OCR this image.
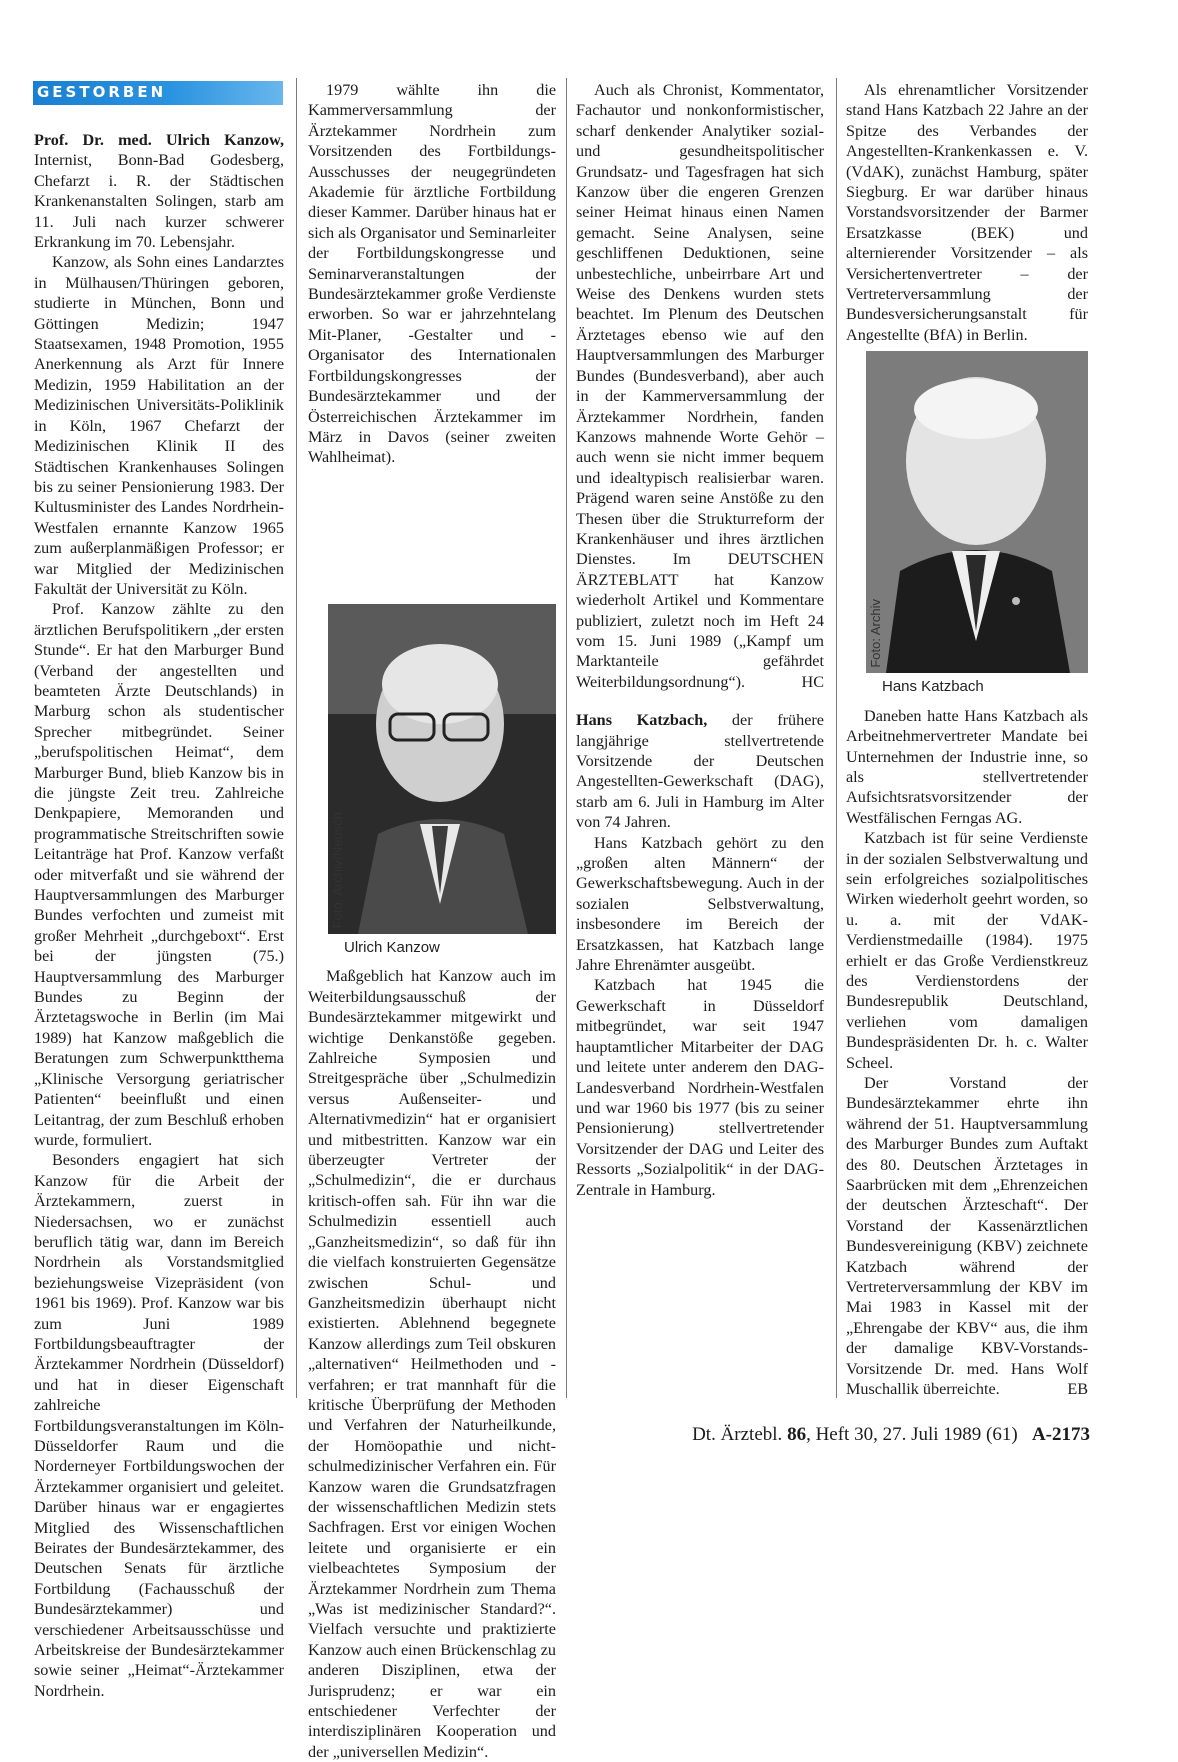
GESTORBEN

Prof. Dr. med. Ulrich Kanzow, Internist, Bonn-Bad Godesberg, Chefarzt i. R. der Städtischen Krankenanstalten Solingen, starb am 11. Juli nach kurzer schwerer Erkrankung im 70. Lebensjahr.

Kanzow, als Sohn eines Landarztes in Mülhausen/Thüringen geboren, studierte in München, Bonn und Göttingen Medizin; 1947 Staatsexamen, 1948 Promotion, 1955 Anerkennung als Arzt für Innere Medizin, 1959 Habilitation an der Medizinischen Universitäts-Poliklinik in Köln, 1967 Chefarzt der Medizinischen Klinik II des Städtischen Krankenhauses Solingen bis zu seiner Pensionierung 1983. Der Kultusminister des Landes Nordrhein-Westfalen ernannte Kanzow 1965 zum außerplanmäßigen Professor; er war Mitglied der Medizinischen Fakultät der Universität zu Köln.

Prof. Kanzow zählte zu den ärztlichen Berufspolitikern „der ersten Stunde“. Er hat den Marburger Bund (Verband der angestellten und beamteten Ärzte Deutschlands) in Marburg schon als studentischer Sprecher mitbegründet. Seiner „berufspolitischen Heimat“, dem Marburger Bund, blieb Kanzow bis in die jüngste Zeit treu. Zahlreiche Denkpapiere, Memoranden und programmatische Streitschriften sowie Leitanträge hat Prof. Kanzow verfaßt oder mitverfaßt und sie während der Hauptversammlungen des Marburger Bundes verfochten und zumeist mit großer Mehrheit „durchgeboxt“. Erst bei der jüngsten (75.) Hauptversammlung des Marburger Bundes zu Beginn der Ärztetagswoche in Berlin (im Mai 1989) hat Kanzow maßgeblich die Beratungen zum Schwerpunktthema „Klinische Versorgung geriatrischer Patienten“ beeinflußt und einen Leitantrag, der zum Beschluß erhoben wurde, formuliert.

Besonders engagiert hat sich Kanzow für die Arbeit der Ärztekammern, zuerst in Niedersachsen, wo er zunächst beruflich tätig war, dann im Bereich Nordrhein als Vorstandsmitglied beziehungsweise Vizepräsident (von 1961 bis 1969). Prof. Kanzow war bis zum Juni 1989 Fortbildungsbeauftragter der Ärztekammer Nordrhein (Düsseldorf) und hat in dieser Eigenschaft zahlreiche Fortbildungsveranstaltungen im Köln-Düsseldorfer Raum und die Norderneyer Fortbildungswochen der Ärztekammer organisiert und geleitet. Darüber hinaus war er engagiertes Mitglied des Wissenschaftlichen Beirates der Bundesärztekammer, des Deutschen Senats für ärztliche Fortbildung (Fachausschuß der Bundesärztekammer) und verschiedener Arbeitsausschüsse und Arbeitskreise der Bundesärztekammer sowie seiner „Heimat“-Ärztekammer Nordrhein.

1979 wählte ihn die Kammerversammlung der Ärztekammer Nordrhein zum Vorsitzenden des Fortbildungs-Ausschusses der neugegründeten Akademie für ärztliche Fortbildung dieser Kammer. Darüber hinaus hat er sich als Organisator und Seminarleiter der Fortbildungskongresse und Seminarveranstaltungen der Bundesärztekammer große Verdienste erworben. So war er jahrzehntelang Mit-Planer, -Gestalter und -Organisator des Internationalen Fortbildungskongresses der Bundesärztekammer und der Österreichischen Ärztekammer im März in Davos (seiner zweiten Wahlheimat).

Foto: Archiv/Neusch
Ulrich Kanzow

Maßgeblich hat Kanzow auch im Weiterbildungsausschuß der Bundesärztekammer mitgewirkt und wichtige Denkanstöße gegeben. Zahlreiche Symposien und Streitgespräche über „Schulmedizin versus Außenseiter- und Alternativmedizin“ hat er organisiert und mitbestritten. Kanzow war ein überzeugter Vertreter der „Schulmedizin“, die er durchaus kritisch-offen sah. Für ihn war die Schulmedizin essentiell auch „Ganzheitsmedizin“, so daß für ihn die vielfach konstruierten Gegensätze zwischen Schul- und Ganzheitsmedizin überhaupt nicht existierten. Ablehnend begegnete Kanzow allerdings zum Teil obskuren „alternativen“ Heilmethoden und -verfahren; er trat mannhaft für die kritische Überprüfung der Methoden und Verfahren der Naturheilkunde, der Homöopathie und nicht-schulmedizinischer Verfahren ein. Für Kanzow waren die Grundsatzfragen der wissenschaftlichen Medizin stets Sachfragen. Erst vor einigen Wochen leitete und organisierte er ein vielbeachtetes Symposium der Ärztekammer Nordrhein zum Thema „Was ist medizinischer Standard?“. Vielfach versuchte und praktizierte Kanzow auch einen Brückenschlag zu anderen Disziplinen, etwa der Jurisprudenz; er war ein entschiedener Verfechter der interdisziplinären Kooperation und der „universellen Medizin“.

Auch als Chronist, Kommentator, Fachautor und nonkonformistischer, scharf denkender Analytiker sozial- und gesundheitspolitischer Grundsatz- und Tagesfragen hat sich Kanzow über die engeren Grenzen seiner Heimat hinaus einen Namen gemacht. Seine Analysen, seine geschliffenen Deduktionen, seine unbestechliche, unbeirrbare Art und Weise des Denkens wurden stets beachtet. Im Plenum des Deutschen Ärztetages ebenso wie auf den Hauptversammlungen des Marburger Bundes (Bundesverband), aber auch in der Kammerversammlung der Ärztekammer Nordrhein, fanden Kanzows mahnende Worte Gehör – auch wenn sie nicht immer bequem und idealtypisch realisierbar waren. Prägend waren seine Anstöße zu den Thesen über die Strukturreform der Krankenhäuser und ihres ärztlichen Dienstes. Im DEUTSCHEN ÄRZTEBLATT hat Kanzow wiederholt Artikel und Kommentare publiziert, zuletzt noch im Heft 24 vom 15. Juni 1989 („Kampf um Marktanteile gefährdet Weiterbildungsordnung“).	HC

Hans Katzbach, der frühere langjährige stellvertretende Vorsitzende der Deutschen Angestellten-Gewerkschaft (DAG), starb am 6. Juli in Hamburg im Alter von 74 Jahren.

Hans Katzbach gehört zu den „großen alten Männern“ der Gewerkschaftsbewegung. Auch in der sozialen Selbstverwaltung, insbesondere im Bereich der Ersatzkassen, hat Katzbach lange Jahre Ehrenämter ausgeübt.

Katzbach hat 1945 die Gewerkschaft in Düsseldorf mitbegründet, war seit 1947 hauptamtlicher Mitarbeiter der DAG und leitete unter anderem den DAG-Landesverband Nordrhein-Westfalen und war 1960 bis 1977 (bis zu seiner Pensionierung) stellvertretender Vorsitzender der DAG und Leiter des Ressorts „Sozialpolitik“ in der DAG-Zentrale in Hamburg.

Als ehrenamtlicher Vorsitzender stand Hans Katzbach 22 Jahre an der Spitze des Verbandes der Angestellten-Krankenkassen e. V. (VdAK), zunächst Hamburg, später Siegburg. Er war darüber hinaus Vorstandsvorsitzender der Barmer Ersatzkasse (BEK) und alternierender Vorsitzender – als Versichertenvertreter – der Vertreterversammlung der Bundesversicherungsanstalt für Angestellte (BfA) in Berlin.

Foto: Archiv
Hans Katzbach

Daneben hatte Hans Katzbach als Arbeitnehmervertreter Mandate bei Unternehmen der Industrie inne, so als stellvertretender Aufsichtsratsvorsitzender der Westfälischen Ferngas AG.

Katzbach ist für seine Verdienste in der sozialen Selbstverwaltung und sein erfolgreiches sozialpolitisches Wirken wiederholt geehrt worden, so u. a. mit der VdAK-Verdienstmedaille (1984). 1975 erhielt er das Große Verdienstkreuz des Verdienstordens der Bundesrepublik Deutschland, verliehen vom damaligen Bundespräsidenten Dr. h. c. Walter Scheel.

Der Vorstand der Bundesärztekammer ehrte ihn während der 51. Hauptversammlung des Marburger Bundes zum Auftakt des 80. Deutschen Ärztetages in Saarbrücken mit dem „Ehrenzeichen der deutschen Ärzteschaft“. Der Vorstand der Kassenärztlichen Bundesvereinigung (KBV) zeichnete Katzbach während der Vertreterversammlung der KBV im Mai 1983 in Kassel mit der „Ehrengabe der KBV“ aus, die ihm der damalige KBV-Vorstands-Vorsitzende Dr. med. Hans Wolf Muschallik überreichte.	EB

Dt. Ärztebl. 86, Heft 30, 27. Juli 1989 (61) A-2173
